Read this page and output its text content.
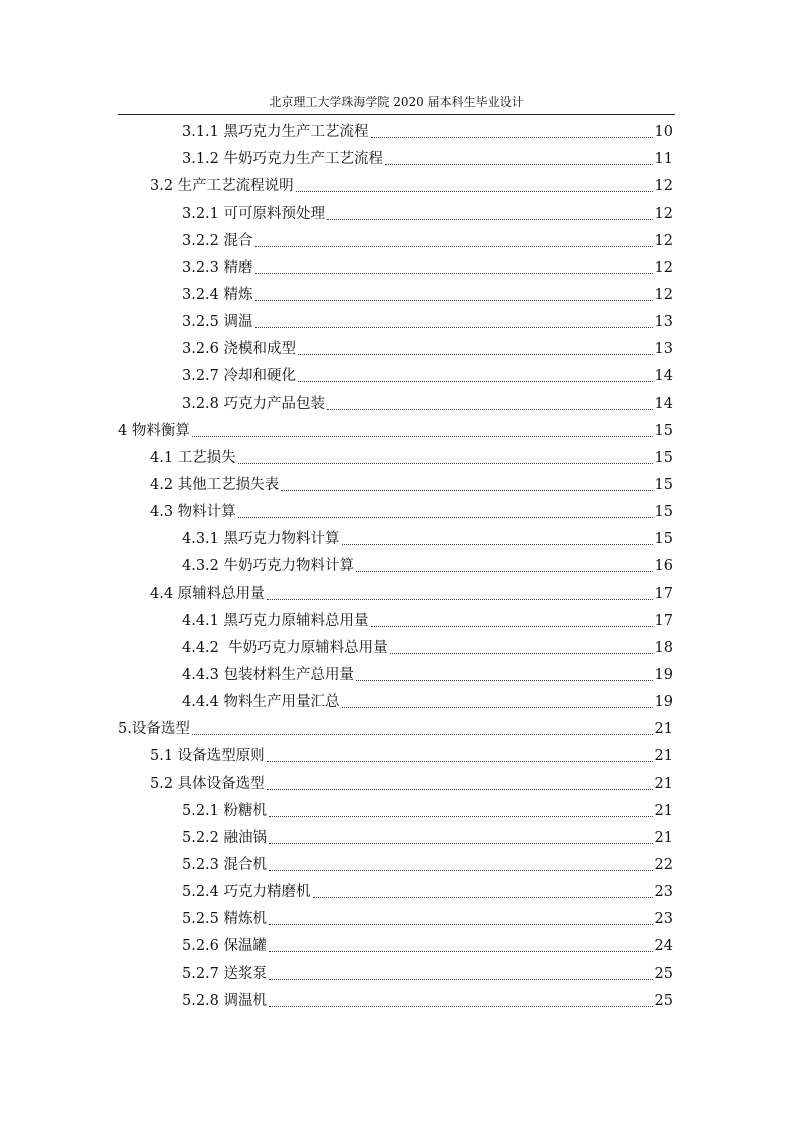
北京理工大学珠海学院 2020 届本科生毕业设计
3.1.1 黑巧克力生产工艺流程	10
3.1.2 牛奶巧克力生产工艺流程	11
3.2 生产工艺流程说明	12
3.2.1 可可原料预处理	12
3.2.2 混合	12
3.2.3 精磨	12
3.2.4 精炼	12
3.2.5 调温	13
3.2.6 浇模和成型	13
3.2.7 冷却和硬化	14
3.2.8 巧克力产品包装	14
4 物料衡算	15
4.1 工艺损失	15
4.2 其他工艺损失表	15
4.3 物料计算	15
4.3.1 黑巧克力物料计算	15
4.3.2 牛奶巧克力物料计算	16
4.4 原辅料总用量	17
4.4.1 黑巧克力原辅料总用量	17
4.4.2  牛奶巧克力原辅料总用量	18
4.4.3 包装材料生产总用量	19
4.4.4 物料生产用量汇总	19
5.设备选型	21
5.1 设备选型原则	21
5.2 具体设备选型	21
5.2.1 粉糖机	21
5.2.2 融油锅	21
5.2.3 混合机	22
5.2.4 巧克力精磨机	23
5.2.5 精炼机	23
5.2.6 保温罐	24
5.2.7 送浆泵	25
5.2.8 调温机	25
